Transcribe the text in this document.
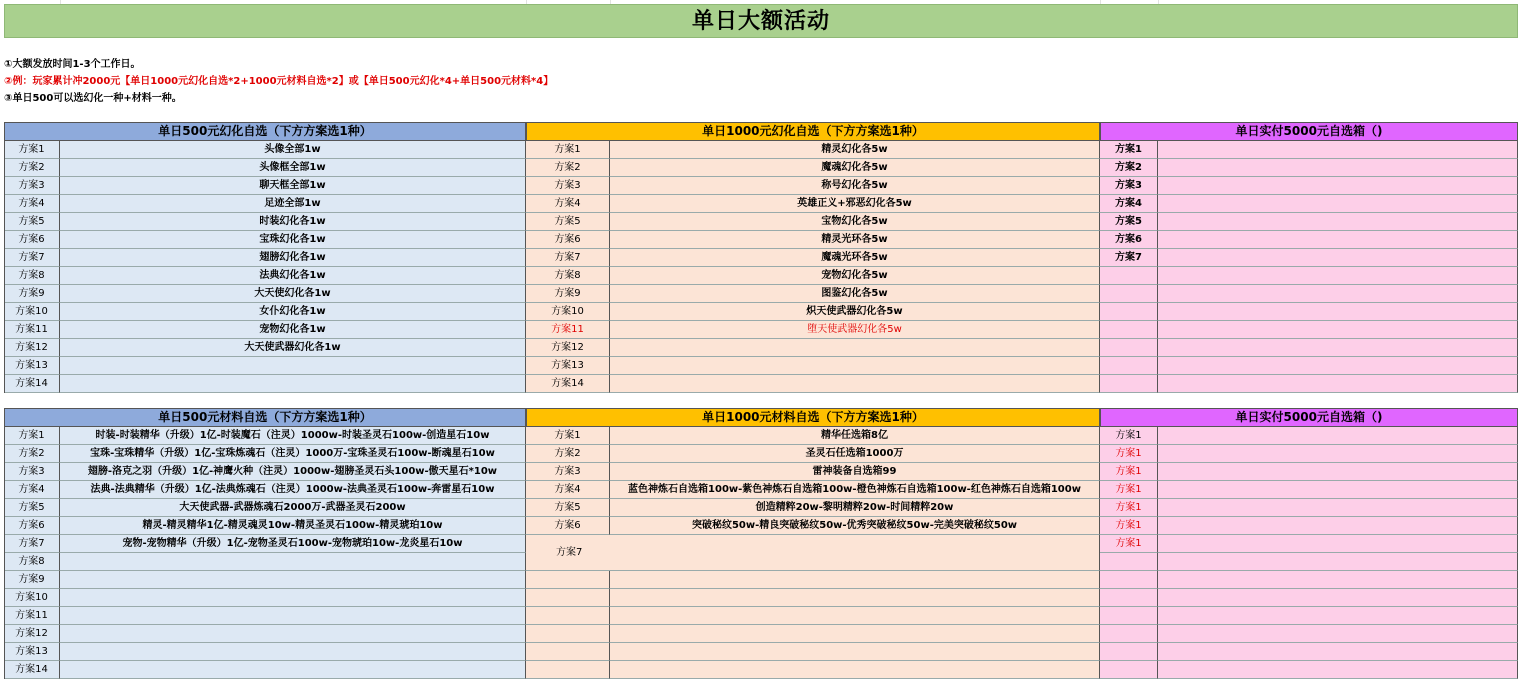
单日大额活动
①大额发放时间1-3个工作日。
②例：玩家累计冲2000元【单日1000元幻化自选*2+1000元材料自选*2】或【单日500元幻化*4+单日500元材料*4】
③单日500可以选幻化一种+材料一种。
单日500元幻化自选（下方方案选1种）
方案1	头像全部1w
方案2	头像框全部1w
方案3	聊天框全部1w
方案4	足迹全部1w
方案5	时装幻化各1w
方案6	宝珠幻化各1w
方案7	翅膀幻化各1w
方案8	法典幻化各1w
方案9	大天使幻化各1w
方案10	女仆幻化各1w
方案11	宠物幻化各1w
方案12	大天使武器幻化各1w
方案13
方案14
单日1000元幻化自选（下方方案选1种）
方案1	精灵幻化各5w
方案2	魔魂幻化各5w
方案3	称号幻化各5w
方案4	英雄正义+邪恶幻化各5w
方案5	宝物幻化各5w
方案6	精灵光环各5w
方案7	魔魂光环各5w
方案8	宠物幻化各5w
方案9	图鉴幻化各5w
方案10	炽天使武器幻化各5w
方案11	堕天使武器幻化各5w
方案12
方案13
方案14
单日实付5000元自选箱（)
方案1
方案2
方案3
方案4
方案5
方案6
方案7
单日500元材料自选（下方方案选1种）
方案1	时装-时装精华（升级）1亿-时装魔石（注灵）1000w-时装圣灵石100w-创造星石10w
方案2	宝珠-宝珠精华（升级）1亿-宝珠炼魂石（注灵）1000万-宝珠圣灵石100w-断魂星石10w
方案3	翅膀-洛克之羽（升级）1亿-神鹰火种（注灵）1000w-翅膀圣灵石头100w-傲天星石*10w
方案4	法典-法典精华（升级）1亿-法典炼魂石（注灵）1000w-法典圣灵石100w-奔雷星石10w
方案5	大天使武器-武器炼魂石2000万-武器圣灵石200w
方案6	精灵-精灵精华1亿-精灵魂灵10w-精灵圣灵石100w-精灵琥珀10w
方案7	宠物-宠物精华（升级）1亿-宠物圣灵石100w-宠物琥珀10w-龙炎星石10w
方案8
方案9
方案10
方案11
方案12
方案13
方案14
单日1000元材料自选（下方方案选1种）
方案1	精华任选箱8亿
方案2	圣灵石任选箱1000万
方案3	雷神装备自选箱99
方案4	蓝色神炼石自选箱100w-紫色神炼石自选箱100w-橙色神炼石自选箱100w-红色神炼石自选箱100w
方案5	创造精粹20w-黎明精粹20w-时间精粹20w
方案6	突破秘纹50w-精良突破秘纹50w-优秀突破秘纹50w-完美突破秘纹50w
方案7
单日实付5000元自选箱（)
方案1
方案1
方案1
方案1
方案1
方案1
方案1
